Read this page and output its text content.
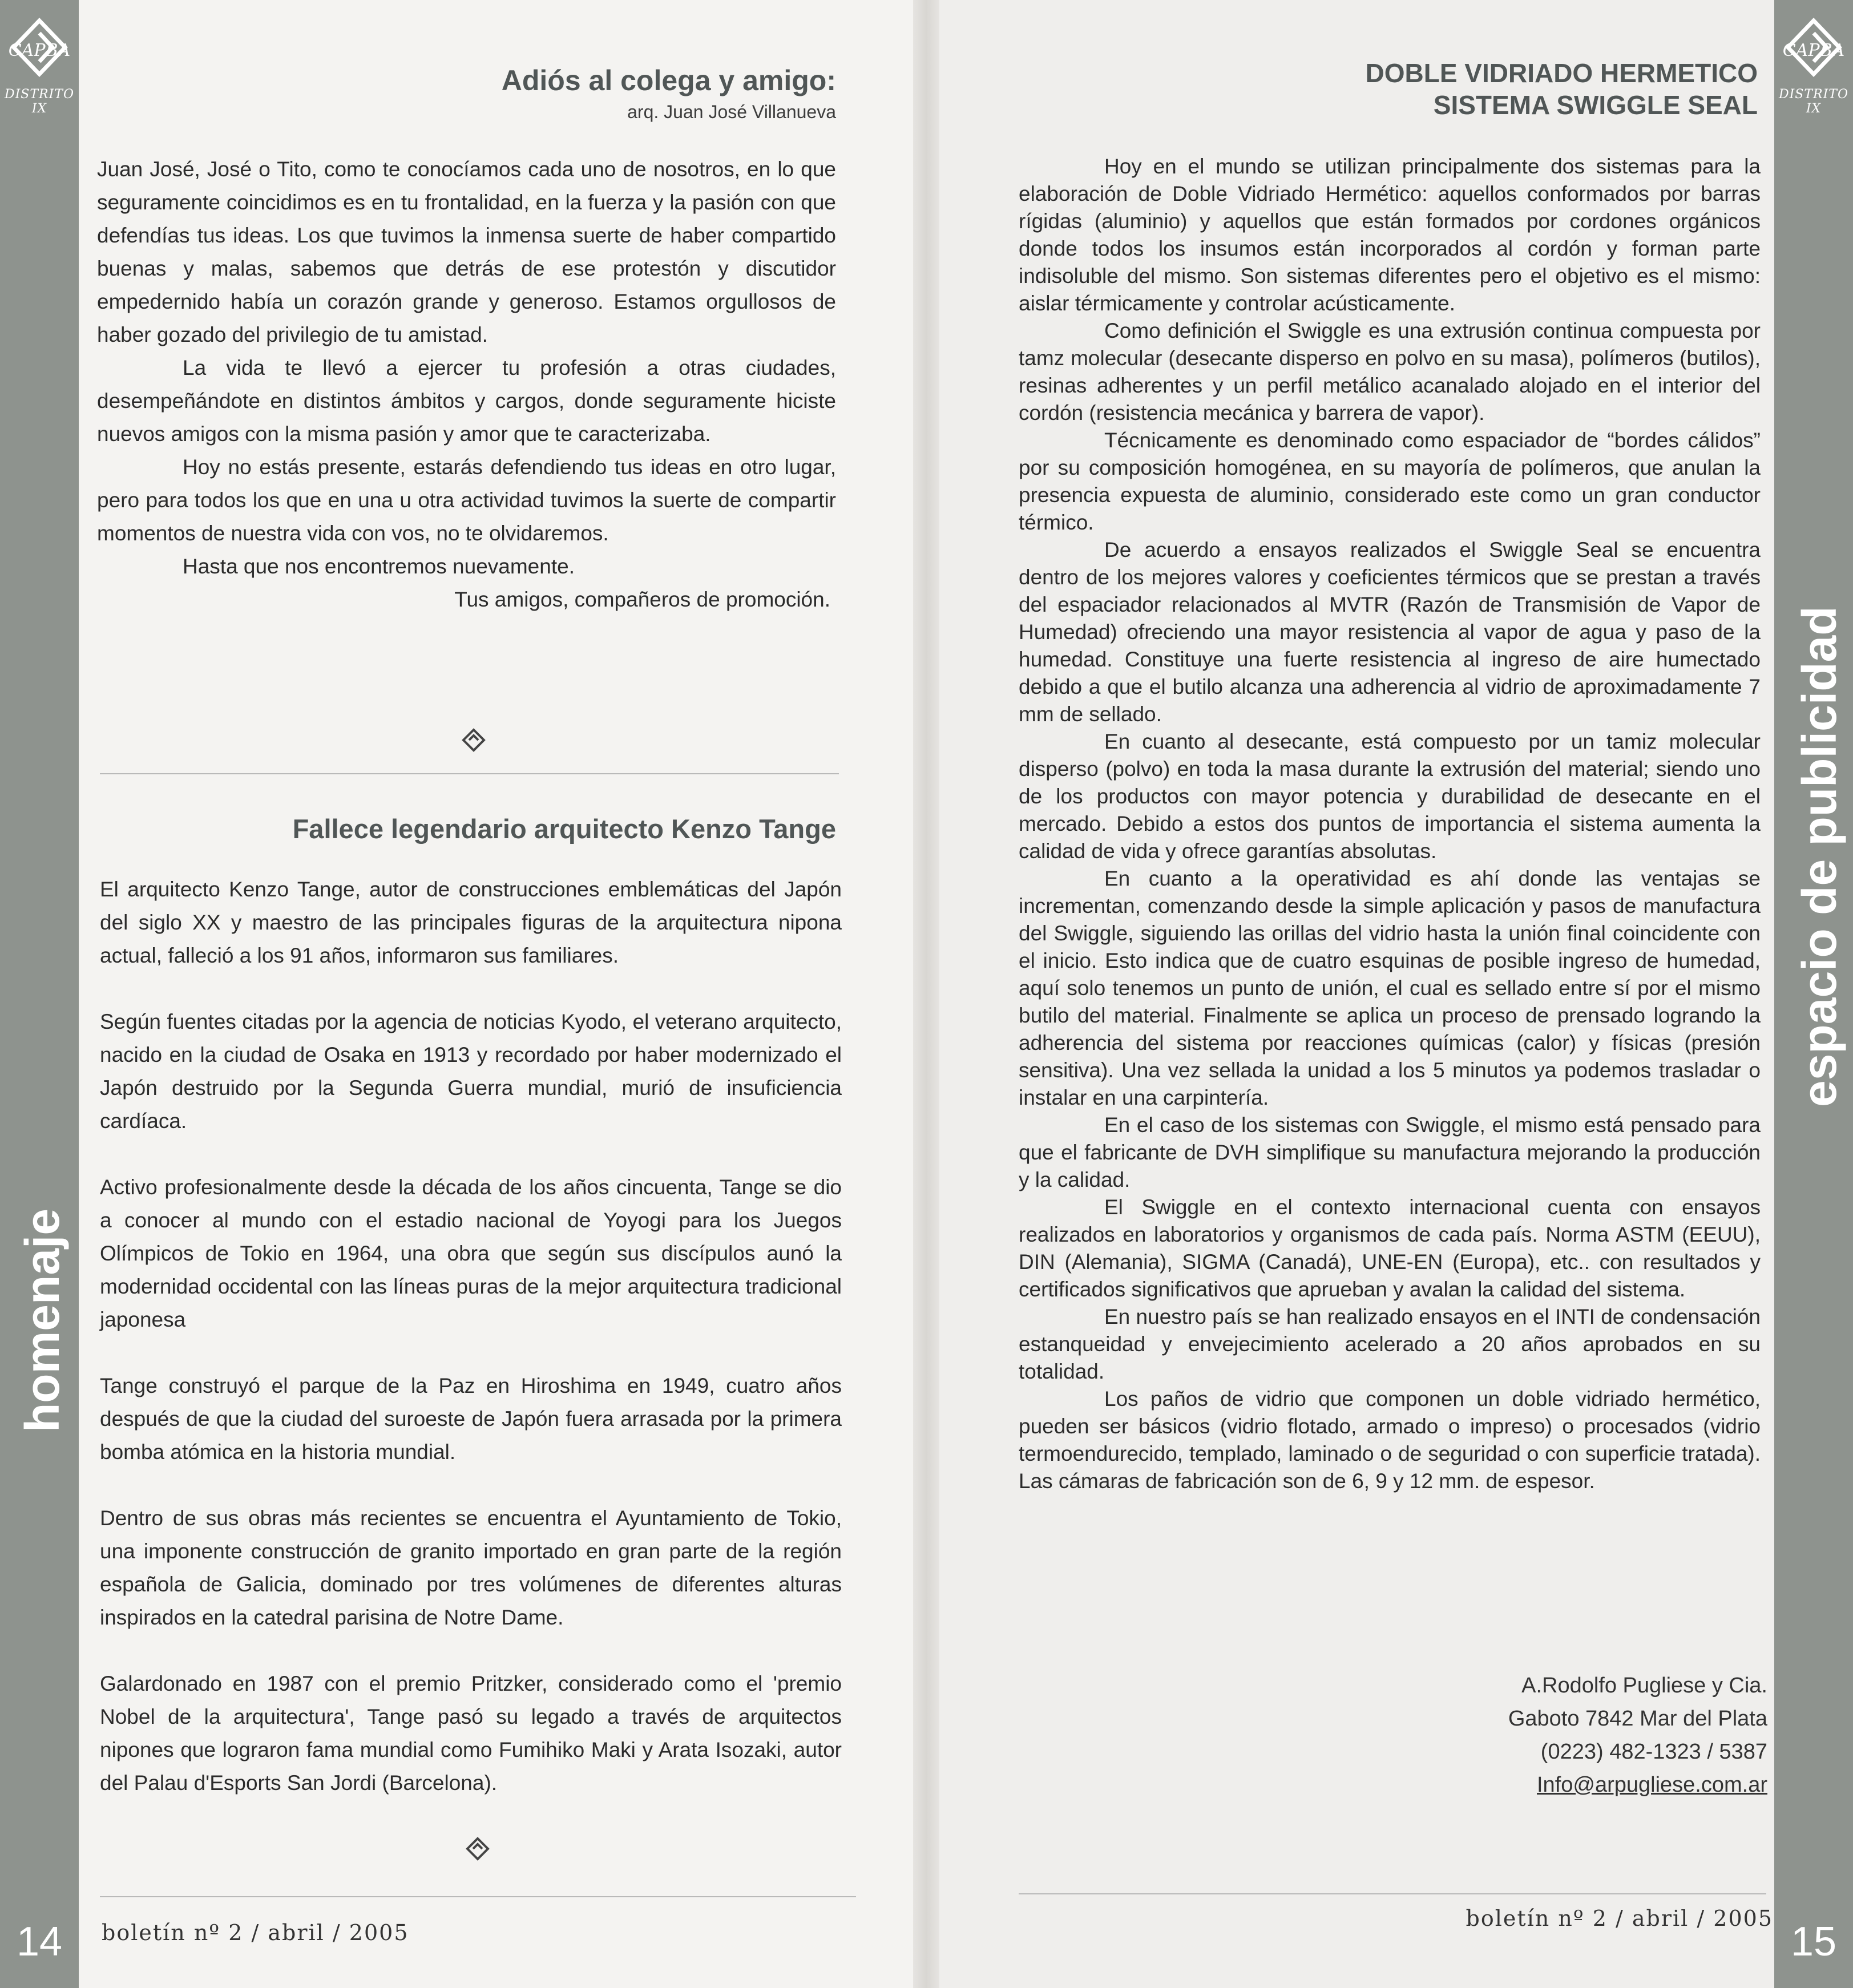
CAPBA
DISTRITO IX
homenaje
14
Adiós al colega y amigo:
arq. Juan José Villanueva

Juan José, José o Tito, como te conocíamos cada uno de nosotros, en lo que seguramente coincidimos es en tu frontalidad, en la fuerza y la pasión con que defendías tus ideas. Los que tuvimos la inmensa suerte de haber compartido buenas y malas, sabemos que detrás de ese protestón y discutidor empedernido había un corazón grande y generoso. Estamos orgullosos de haber gozado del privilegio de tu amistad.

La vida te llevó a ejercer tu profesión a otras ciudades, desempeñándote en distintos ámbitos y cargos, donde seguramente hiciste nuevos amigos con la misma pasión y amor que te caracterizaba.

Hoy no estás presente, estarás defendiendo tus ideas en otro lugar, pero para todos los que en una u otra actividad tuvimos la suerte de compartir momentos de nuestra vida con vos, no te olvidaremos.

Hasta que nos encontremos nuevamente.

Tus amigos, compañeros de promoción.

Fallece legendario arquitecto Kenzo Tange

El arquitecto Kenzo Tange, autor de construcciones emblemáticas del Japón del siglo XX y maestro de las principales figuras de la arquitectura nipona actual, falleció a los 91 años, informaron sus familiares.

Según fuentes citadas por la agencia de noticias Kyodo, el veterano arquitecto, nacido en la ciudad de Osaka en 1913 y recordado por haber modernizado el Japón destruido por la Segunda Guerra mundial, murió de insuficiencia cardíaca.

Activo profesionalmente desde la década de los años cincuenta, Tange se dio a conocer al mundo con el estadio nacional de Yoyogi para los Juegos Olímpicos de Tokio en 1964, una obra que según sus discípulos aunó la modernidad occidental con las líneas puras de la mejor arquitectura tradicional japonesa

Tange construyó el parque de la Paz en Hiroshima en 1949, cuatro años después de que la ciudad del suroeste de Japón fuera arrasada por la primera bomba atómica en la historia mundial.

Dentro de sus obras más recientes se encuentra el Ayuntamiento de Tokio, una imponente construcción de granito importado en gran parte de la región española de Galicia, dominado por tres volúmenes de diferentes alturas inspirados en la catedral parisina de Notre Dame.

Galardonado en 1987 con el premio Pritzker, considerado como el 'premio Nobel de la arquitectura', Tange pasó su legado a través de arquitectos nipones que lograron fama mundial como Fumihiko Maki y Arata Isozaki, autor del Palau d'Esports San Jordi (Barcelona).

boletín nº 2 / abril / 2005
CAPBA
DISTRITO IX
espacio de publicidad
15
DOBLE VIDRIADO HERMETICO
SISTEMA SWIGGLE SEAL

Hoy en el mundo se utilizan principalmente dos sistemas para la elaboración de Doble Vidriado Hermético: aquellos conformados por barras rígidas (aluminio) y aquellos que están formados por cordones orgánicos donde todos los insumos están incorporados al cordón y forman parte indisoluble del mismo. Son sistemas diferentes pero el objetivo es el mismo: aislar térmicamente y controlar acústicamente.

Como definición el Swiggle es una extrusión continua compuesta por tamz molecular (desecante disperso en polvo en su masa), polímeros (butilos), resinas adherentes y un perfil metálico acanalado alojado en el interior del cordón (resistencia mecánica y barrera de vapor).

Técnicamente es denominado como espaciador de “bordes cálidos” por su composición homogénea, en su mayoría de polímeros, que anulan la presencia expuesta de aluminio, considerado este como un gran conductor térmico.

De acuerdo a ensayos realizados el Swiggle Seal se encuentra dentro de los mejores valores y coeficientes térmicos que se prestan a través del espaciador relacionados al MVTR (Razón de Transmisión de Vapor de Humedad) ofreciendo una mayor resistencia al vapor de agua y paso de la humedad. Constituye una fuerte resistencia al ingreso de aire humectado debido a que el butilo alcanza una adherencia al vidrio de aproximadamente 7 mm de sellado.

En cuanto al desecante, está compuesto por un tamiz molecular disperso (polvo) en toda la masa durante la extrusión del material; siendo uno de los productos con mayor potencia y durabilidad de desecante en el mercado. Debido a estos dos puntos de importancia el sistema aumenta la calidad de vida y ofrece garantías absolutas.

En cuanto a la operatividad es ahí donde las ventajas se incrementan, comenzando desde la simple aplicación y pasos de manufactura del Swiggle, siguiendo las orillas del vidrio hasta la unión final coincidente con el inicio. Esto indica que de cuatro esquinas de posible ingreso de humedad, aquí solo tenemos un punto de unión, el cual es sellado entre sí por el mismo butilo del material. Finalmente se aplica un proceso de prensado logrando la adherencia del sistema por reacciones químicas (calor) y físicas (presión sensitiva). Una vez sellada la unidad a los 5 minutos ya podemos trasladar o instalar en una carpintería.

En el caso de los sistemas con Swiggle, el mismo está pensado para que el fabricante de DVH simplifique su manufactura mejorando la producción y la calidad.

El Swiggle en el contexto internacional cuenta con ensayos realizados en laboratorios y organismos de cada país. Norma ASTM (EEUU), DIN (Alemania), SIGMA (Canadá), UNE-EN (Europa), etc.. con resultados y certificados significativos que aprueban y avalan la calidad del sistema.

En nuestro país se han realizado ensayos en el INTI de condensación estanqueidad y envejecimiento acelerado a 20 años aprobados en su totalidad.

Los paños de vidrio que componen un doble vidriado hermético, pueden ser básicos (vidrio flotado, armado o impreso) o procesados (vidrio termoendurecido, templado, laminado o de seguridad o con superficie tratada). Las cámaras de fabricación son de 6, 9 y 12 mm. de espesor.

A.Rodolfo Pugliese y Cia.
Gaboto 7842 Mar del Plata
(0223) 482-1323 / 5387
Info@arpugliese.com.ar
boletín nº 2 / abril / 2005
